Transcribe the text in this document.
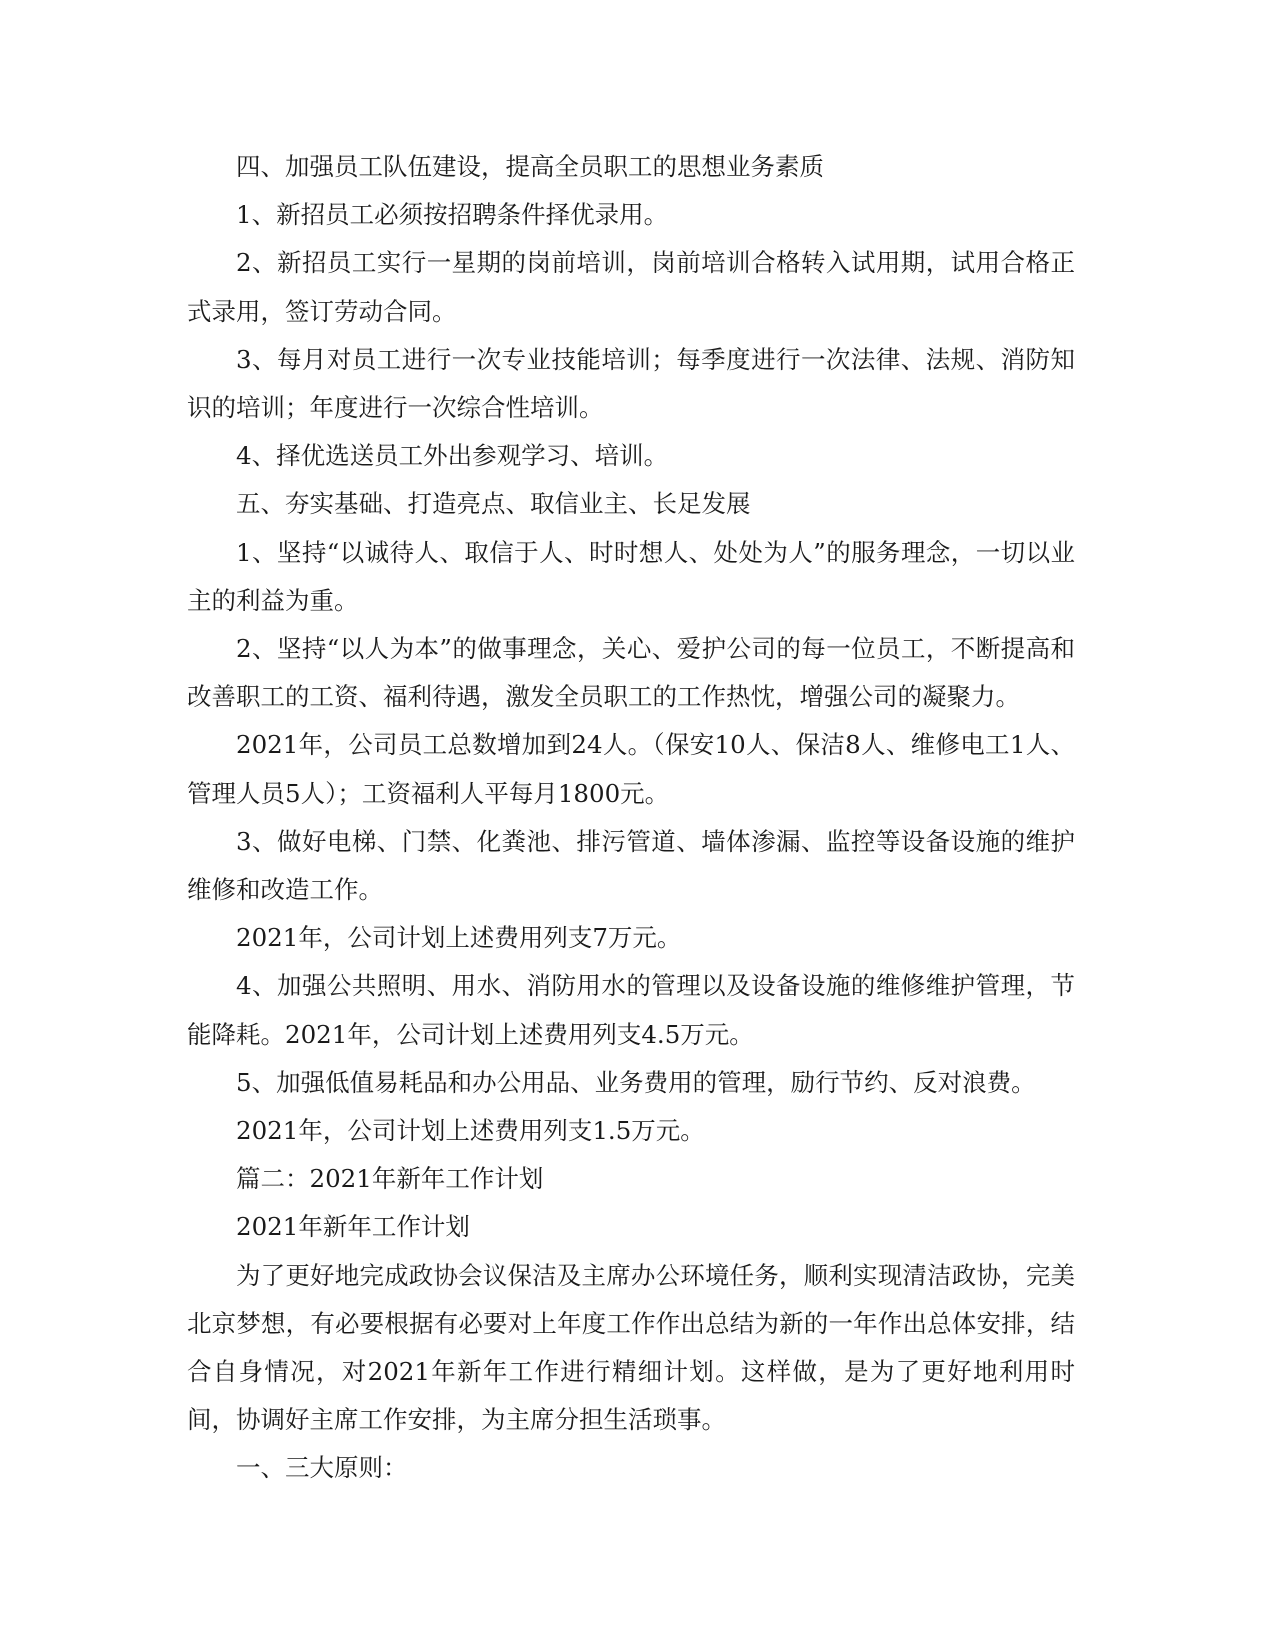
四、加强员工队伍建设，提高全员职工的思想业务素质

1、新招员工必须按招聘条件择优录用。

2、新招员工实行一星期的岗前培训，岗前培训合格转入试用期，试用合格正式录用，签订劳动合同。

3、每月对员工进行一次专业技能培训；每季度进行一次法律、法规、消防知识的培训；年度进行一次综合性培训。

4、择优选送员工外出参观学习、培训。

五、夯实基础、打造亮点、取信业主、长足发展

1、坚持“以诚待人、取信于人、时时想人、处处为人”的服务理念，一切以业主的利益为重。

2、坚持“以人为本”的做事理念，关心、爱护公司的每一位员工，不断提高和改善职工的工资、福利待遇，激发全员职工的工作热忱，增强公司的凝聚力。

2021年，公司员工总数增加到24人。（保安10人、保洁8人、维修电工1人、管理人员5人）；工资福利人平每月1800元。

3、做好电梯、门禁、化粪池、排污管道、墙体渗漏、监控等设备设施的维护维修和改造工作。

2021年，公司计划上述费用列支7万元。

4、加强公共照明、用水、消防用水的管理以及设备设施的维修维护管理，节能降耗。2021年，公司计划上述费用列支4.5万元。

5、加强低值易耗品和办公用品、业务费用的管理，励行节约、反对浪费。

2021年，公司计划上述费用列支1.5万元。

篇二：2021年新年工作计划

2021年新年工作计划

为了更好地完成政协会议保洁及主席办公环境任务，顺利实现清洁政协，完美北京梦想，有必要根据有必要对上年度工作作出总结为新的一年作出总体安排，结合自身情况，对2021年新年工作进行精细计划。这样做，是为了更好地利用时间，协调好主席工作安排，为主席分担生活琐事。

一、三大原则：
